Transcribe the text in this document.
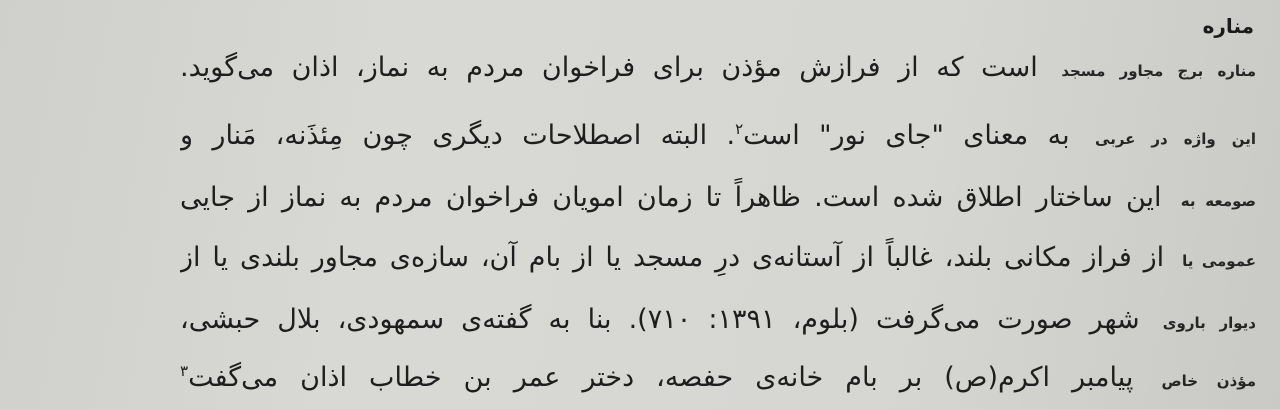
مناره
مناره برج مجاور مسجد است که از فرازش مؤذن برای فراخوان مردم به نماز، اذان می‌گوید.
این واژه در عربی به معنای "جای نور" است$^۲$. البته اصطلاحات دیگری چون مِئذَنه، مَنار و
صومعه به این ساختار اطلاق شده است. ظاهراً تا زمان امویان فراخوان مردم به نماز از جایی
عمومی یا از فراز مکانی بلند، غالباً از آستانه‌ی درِ مسجد یا از بام آن، سازه‌ی مجاور بلندی یا از
دیوار باروی شهر صورت می‌گرفت (بلوم، ۱۳۹۱: ۷۱۰). بنا به گفته‌ی سمهودی، بلال حبشی،
مؤذن خاص پیامبر اکرم(ص) بر بام خانه‌ی حفصه، دختر عمر بن خطاب اذان می‌گفت$^۳$
